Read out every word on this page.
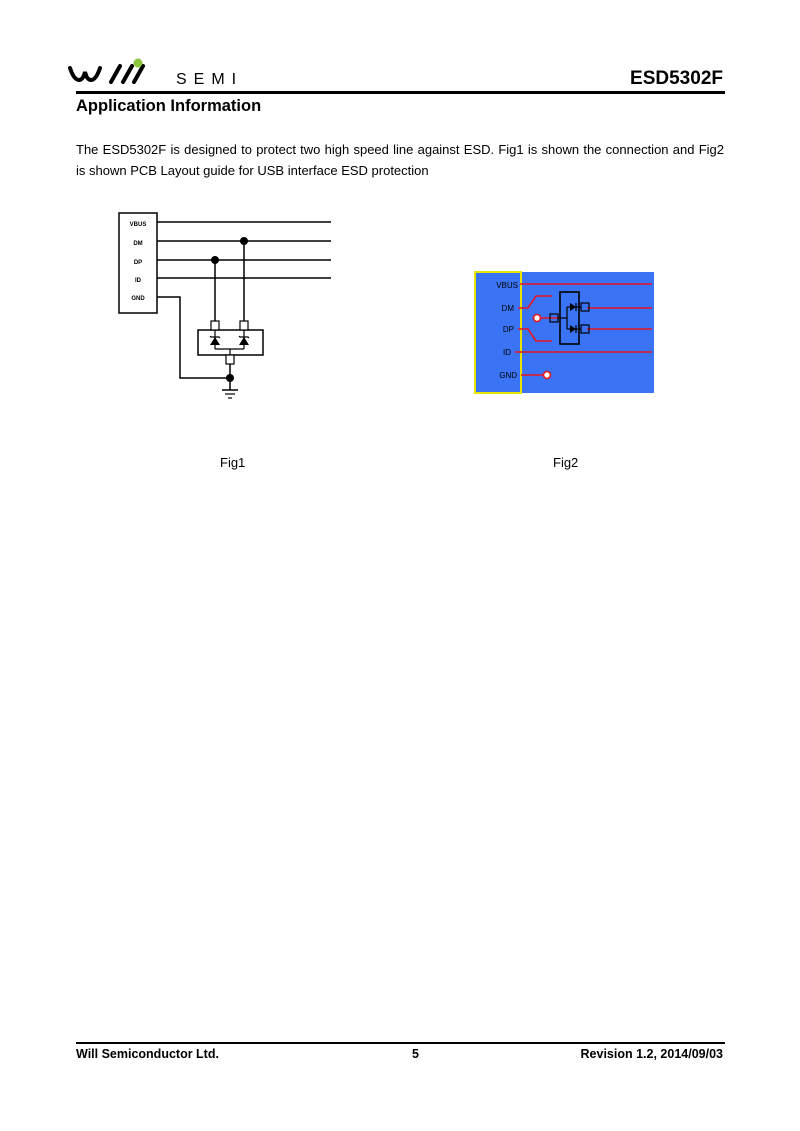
SEMI	ESD5302F
Application Information
The ESD5302F is designed to protect two high speed line against ESD. Fig1 is shown the connection and Fig2 is shown PCB Layout guide for USB interface ESD protection
VBUS
DM
DP
ID
GND
VBUS
DM
DP
ID
GND
Fig1	Fig2
Will Semiconductor Ltd.	5	Revision 1.2, 2014/09/03
